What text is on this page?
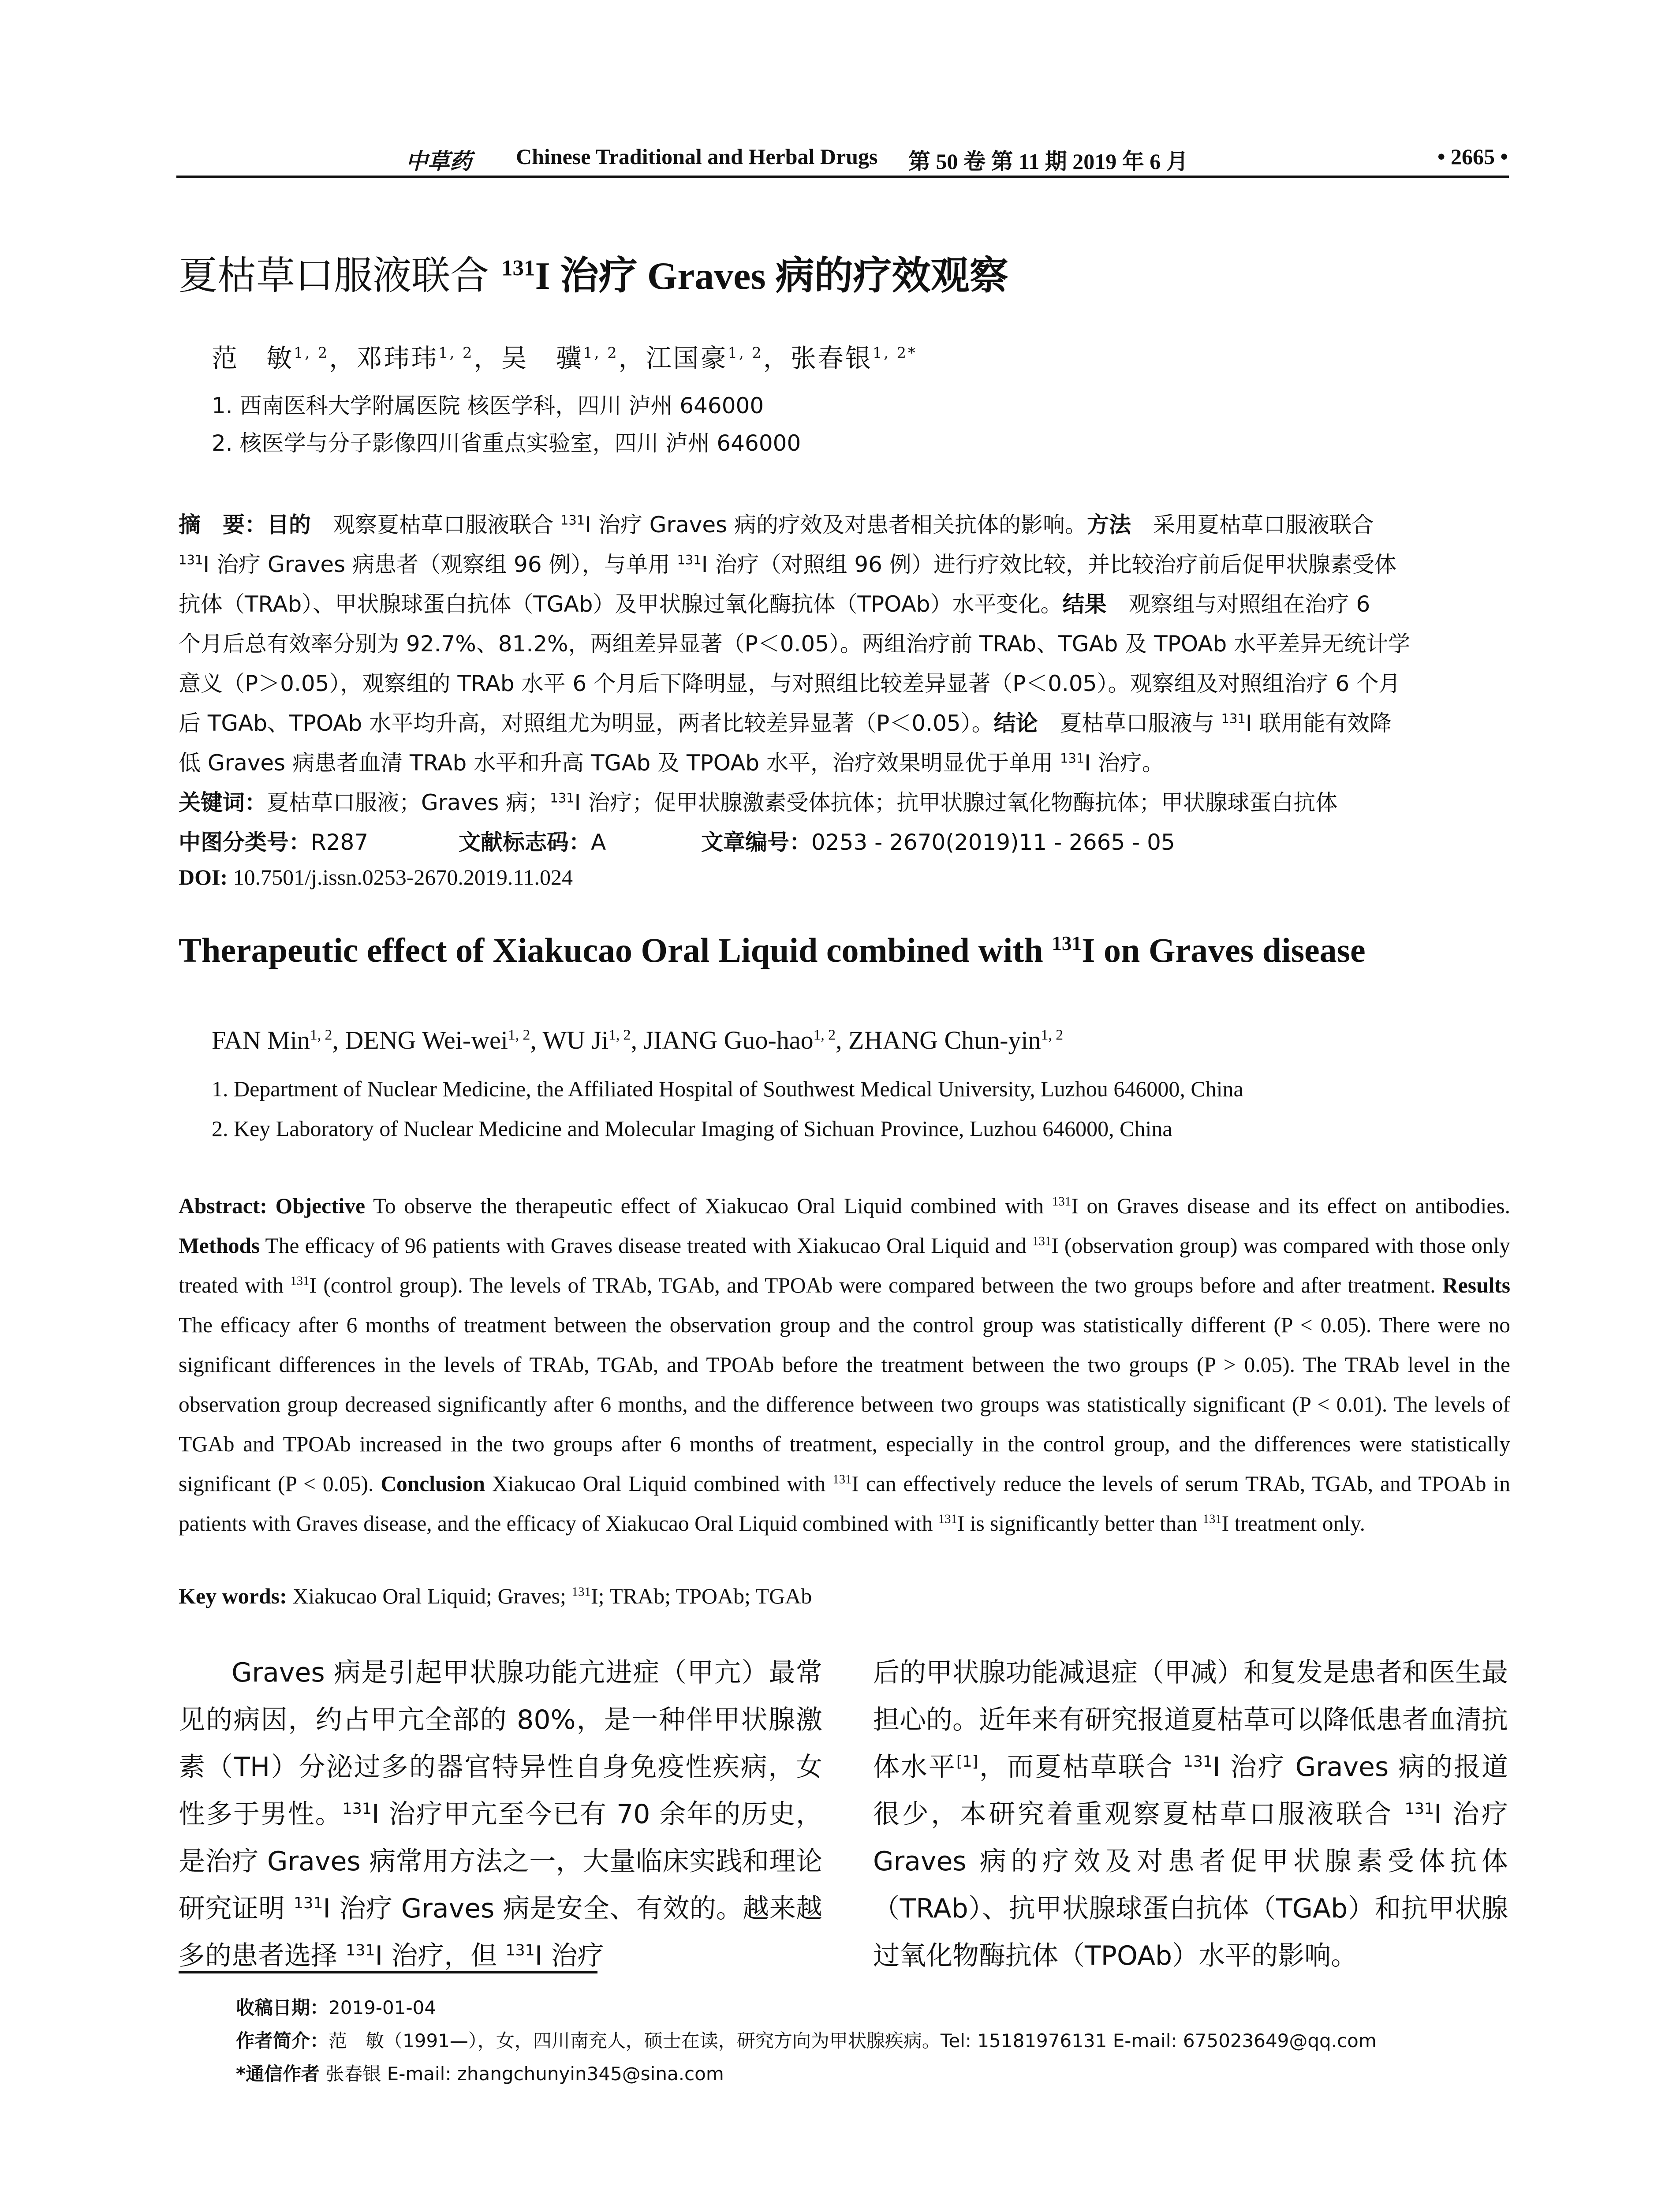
中草药 Chinese Traditional and Herbal Drugs 第 50 卷 第 11 期 2019 年 6 月	• 2665 •
夏枯草口服液联合 $^{131}$I 治疗 Graves 病的疗效观察
范　敏$^{1, 2}$，邓玮玮$^{1, 2}$，吴　骥$^{1, 2}$，江国豪$^{1, 2}$，张春银$^{1, 2*}$
1. 西南医科大学附属医院 核医学科，四川 泸州 646000
2. 核医学与分子影像四川省重点实验室，四川 泸州 646000
摘　要：目的　观察夏枯草口服液联合 $^{131}$I 治疗 Graves 病的疗效及对患者相关抗体的影响。方法　采用夏枯草口服液联合
$^{131}$I 治疗 Graves 病患者（观察组 96 例），与单用 $^{131}$I 治疗（对照组 96 例）进行疗效比较，并比较治疗前后促甲状腺素受体
抗体（TRAb）、甲状腺球蛋白抗体（TGAb）及甲状腺过氧化酶抗体（TPOAb）水平变化。结果　观察组与对照组在治疗 6
个月后总有效率分别为 92.7%、81.2%，两组差异显著（P＜0.05）。两组治疗前 TRAb、TGAb 及 TPOAb 水平差异无统计学
意义（P＞0.05），观察组的 TRAb 水平 6 个月后下降明显，与对照组比较差异显著（P＜0.05）。观察组及对照组治疗 6 个月
后 TGAb、TPOAb 水平均升高，对照组尤为明显，两者比较差异显著（P＜0.05）。结论　夏枯草口服液与 $^{131}$I 联用能有效降
低 Graves 病患者血清 TRAb 水平和升高 TGAb 及 TPOAb 水平，治疗效果明显优于单用 $^{131}$I 治疗。
关键词：夏枯草口服液；Graves 病；$^{131}$I 治疗；促甲状腺激素受体抗体；抗甲状腺过氧化物酶抗体；甲状腺球蛋白抗体
中图分类号：R287	文献标志码：A	文章编号：0253 - 2670(2019)11 - 2665 - 05
DOI: 10.7501/j.issn.0253-2670.2019.11.024
Therapeutic effect of Xiakucao Oral Liquid combined with $^{131}$I on Graves disease
FAN Min$^{1, 2}$, DENG Wei-wei$^{1, 2}$, WU Ji$^{1, 2}$, JIANG Guo-hao$^{1, 2}$, ZHANG Chun-yin$^{1, 2}$
1. Department of Nuclear Medicine, the Affiliated Hospital of Southwest Medical University, Luzhou 646000, China
2. Key Laboratory of Nuclear Medicine and Molecular Imaging of Sichuan Province, Luzhou 646000, China
Abstract: Objective To observe the therapeutic effect of Xiakucao Oral Liquid combined with $^{131}$I on Graves disease and its effect on antibodies. Methods The efficacy of 96 patients with Graves disease treated with Xiakucao Oral Liquid and $^{131}$I (observation group) was compared with those only treated with $^{131}$I (control group). The levels of TRAb, TGAb, and TPOAb were compared between the two groups before and after treatment. Results The efficacy after 6 months of treatment between the observation group and the control group was statistically different (P < 0.05). There were no significant differences in the levels of TRAb, TGAb, and TPOAb before the treatment between the two groups (P > 0.05). The TRAb level in the observation group decreased significantly after 6 months, and the difference between two groups was statistically significant (P < 0.01). The levels of TGAb and TPOAb increased in the two groups after 6 months of treatment, especially in the control group, and the differences were statistically significant (P < 0.05). Conclusion Xiakucao Oral Liquid combined with $^{131}$I can effectively reduce the levels of serum TRAb, TGAb, and TPOAb in patients with Graves disease, and the efficacy of Xiakucao Oral Liquid combined with $^{131}$I is significantly better than $^{131}$I treatment only.
Key words: Xiakucao Oral Liquid; Graves; $^{131}$I; TRAb; TPOAb; TGAb
Graves 病是引起甲状腺功能亢进症（甲亢）最常见的病因，约占甲亢全部的 80%，是一种伴甲状腺激素（TH）分泌过多的器官特异性自身免疫性疾病，女性多于男性。$^{131}$I 治疗甲亢至今已有 70 余年的历史，是治疗 Graves 病常用方法之一，大量临床实践和理论研究证明 $^{131}$I 治疗 Graves 病是安全、有效的。越来越多的患者选择 $^{131}$I 治疗，但 $^{131}$I 治疗
后的甲状腺功能减退症（甲减）和复发是患者和医生最担心的。近年来有研究报道夏枯草可以降低患者血清抗体水平[1]，而夏枯草联合 $^{131}$I 治疗 Graves 病的报道很少，本研究着重观察夏枯草口服液联合 $^{131}$I 治疗 Graves 病的疗效及对患者促甲状腺素受体抗体（TRAb）、抗甲状腺球蛋白抗体（TGAb）和抗甲状腺过氧化物酶抗体（TPOAb）水平的影响。
收稿日期：2019-01-04
作者简介：范　敏（1991—），女，四川南充人，硕士在读，研究方向为甲状腺疾病。Tel: 15181976131 E-mail: 675023649@qq.com
*通信作者 张春银 E-mail: zhangchunyin345@sina.com
